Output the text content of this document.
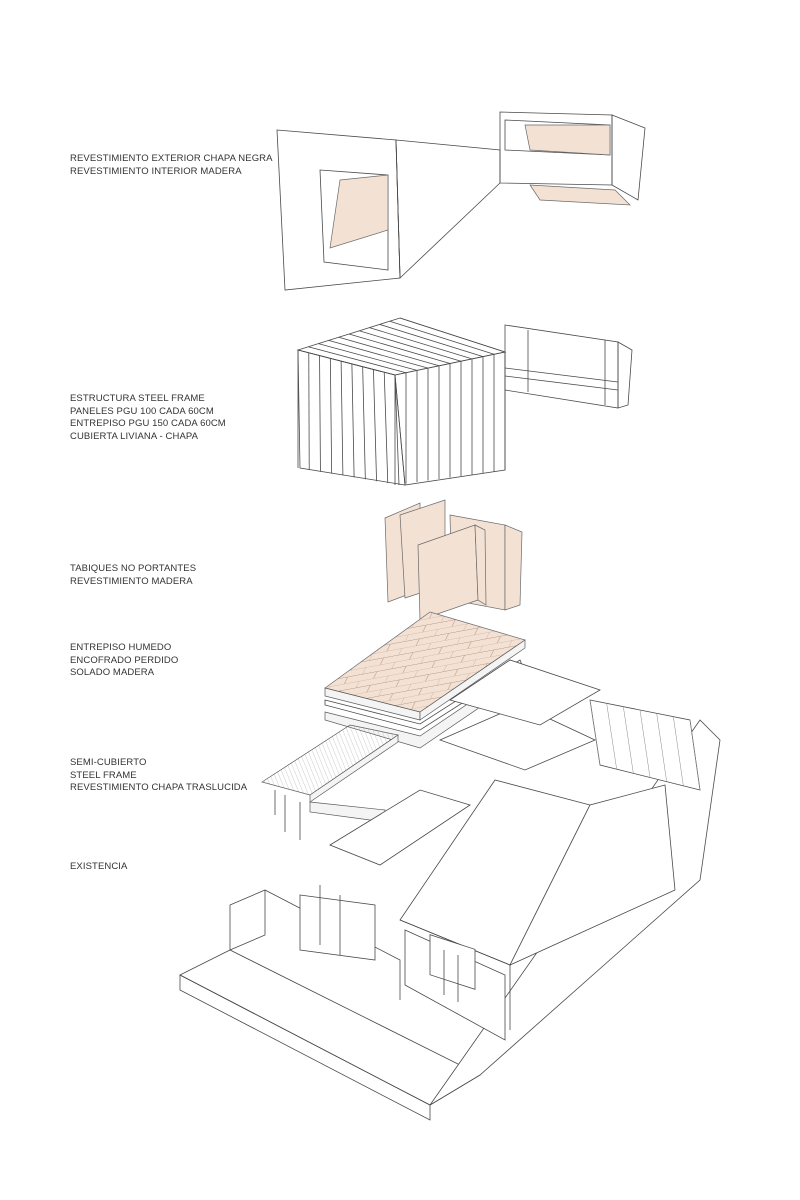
REVESTIMIENTO EXTERIOR CHAPA NEGRA
REVESTIMIENTO INTERIOR MADERA
ESTRUCTURA STEEL FRAME
PANELES PGU 100 CADA 60CM
ENTREPISO PGU 150 CADA 60CM
CUBIERTA LIVIANA - CHAPA
TABIQUES NO PORTANTES
REVESTIMIENTO MADERA
ENTREPISO HUMEDO
ENCOFRADO PERDIDO
SOLADO MADERA
SEMI-CUBIERTO
STEEL FRAME
REVESTIMIENTO CHAPA TRASLUCIDA
EXISTENCIA
